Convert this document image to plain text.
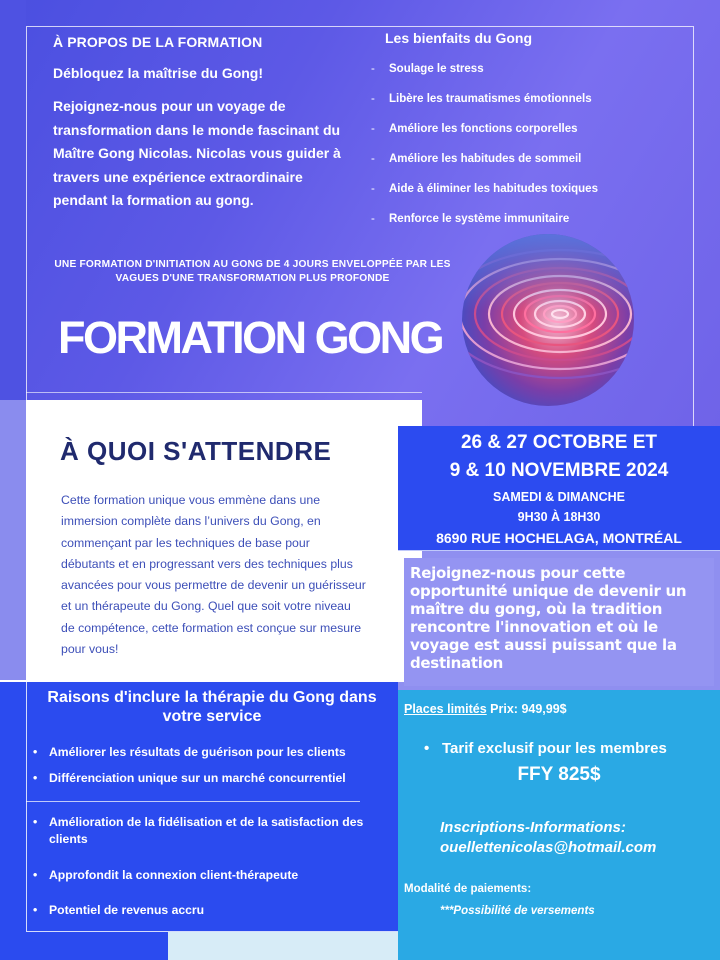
À PROPOS DE LA FORMATION
Débloquez la maîtrise du Gong!
Rejoignez-nous pour un voyage de transformation dans le monde fascinant du Maître Gong Nicolas. Nicolas vous guider à travers une expérience extraordinaire pendant la formation au gong.
Les bienfaits du Gong
-	Soulage le stress
-	Libère les traumatismes émotionnels
-	Améliore les fonctions corporelles
-	Améliore les habitudes de sommeil
-	Aide à éliminer les habitudes toxiques
-	Renforce le système immunitaire
UNE FORMATION D'INITIATION AU GONG DE 4 JOURS ENVELOPPÉE PAR LES VAGUES D'UNE TRANSFORMATION PLUS PROFONDE
FORMATION GONG
À QUOI S'ATTENDRE
Cette formation unique vous emmène dans une immersion complète dans l’univers du Gong, en commençant par les techniques de base pour débutants et en progressant vers des techniques plus avancées pour vous permettre de devenir un guérisseur et un thérapeute du Gong. Quel que soit votre niveau de compétence, cette formation est conçue sur mesure pour vous!
26 & 27 OCTOBRE ET
9 & 10 NOVEMBRE 2024
SAMEDI & DIMANCHE
9H30 À 18H30
8690 RUE HOCHELAGA, MONTRÉAL

Rejoignez-nous pour cette opportunité unique de devenir un maître du gong, où la tradition rencontre l'innovation et où le voyage est aussi puissant que la destination

Raisons d'inclure la thérapie du Gong dans votre service
• Améliorer les résultats de guérison pour les clients
• Différenciation unique sur un marché concurrentiel
• Amélioration de la fidélisation et de la satisfaction des clients
• Approfondit la connexion client-thérapeute
• Potentiel de revenus accru
Places limités Prix: 949,99$
• Tarif exclusif pour les membres
FFY 825$
Inscriptions-Informations:
ouellettenicolas@hotmail.com
Modalité de paiements:
***Possibilité de versements
